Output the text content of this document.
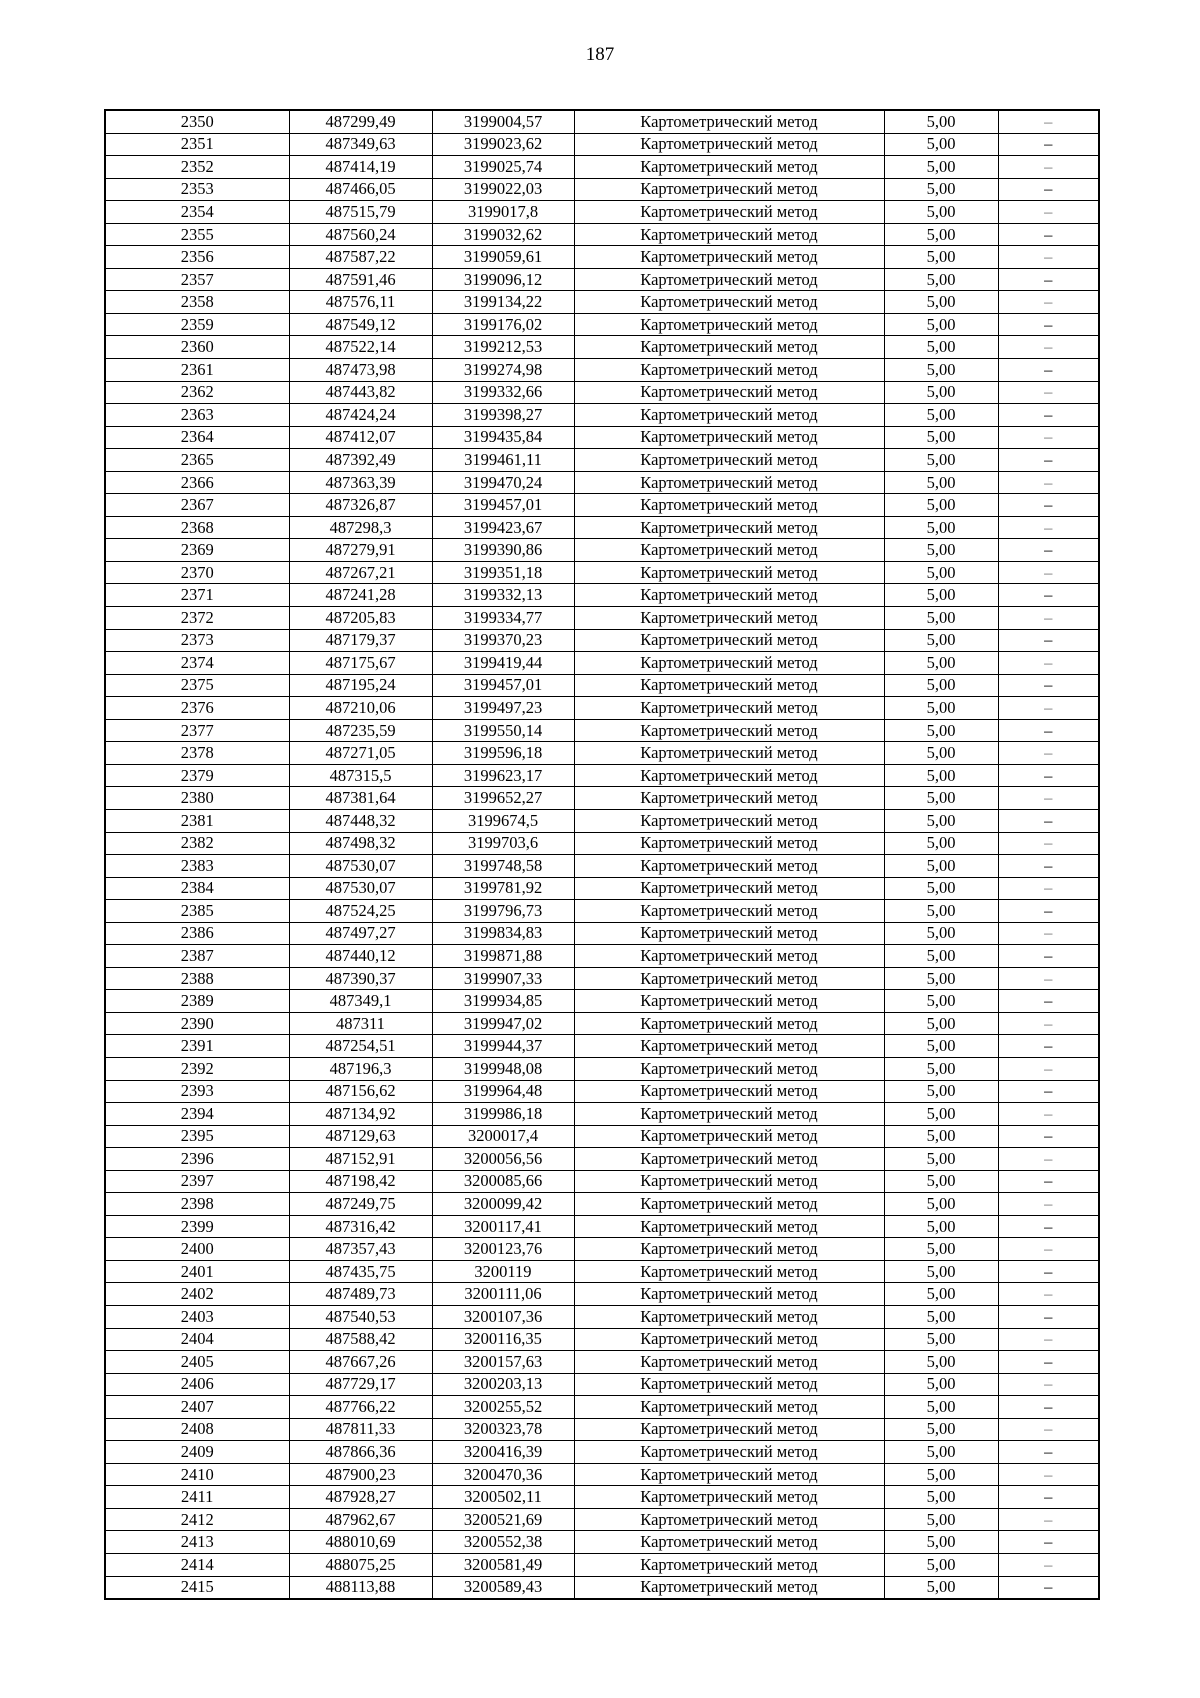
187
2350	487299,49	3199004,57	Картометрический метод	5,00	–
2351	487349,63	3199023,62	Картометрический метод	5,00	–
2352	487414,19	3199025,74	Картометрический метод	5,00	–
2353	487466,05	3199022,03	Картометрический метод	5,00	–
2354	487515,79	3199017,8	Картометрический метод	5,00	–
2355	487560,24	3199032,62	Картометрический метод	5,00	–
2356	487587,22	3199059,61	Картометрический метод	5,00	–
2357	487591,46	3199096,12	Картометрический метод	5,00	–
2358	487576,11	3199134,22	Картометрический метод	5,00	–
2359	487549,12	3199176,02	Картометрический метод	5,00	–
2360	487522,14	3199212,53	Картометрический метод	5,00	–
2361	487473,98	3199274,98	Картометрический метод	5,00	–
2362	487443,82	3199332,66	Картометрический метод	5,00	–
2363	487424,24	3199398,27	Картометрический метод	5,00	–
2364	487412,07	3199435,84	Картометрический метод	5,00	–
2365	487392,49	3199461,11	Картометрический метод	5,00	–
2366	487363,39	3199470,24	Картометрический метод	5,00	–
2367	487326,87	3199457,01	Картометрический метод	5,00	–
2368	487298,3	3199423,67	Картометрический метод	5,00	–
2369	487279,91	3199390,86	Картометрический метод	5,00	–
2370	487267,21	3199351,18	Картометрический метод	5,00	–
2371	487241,28	3199332,13	Картометрический метод	5,00	–
2372	487205,83	3199334,77	Картометрический метод	5,00	–
2373	487179,37	3199370,23	Картометрический метод	5,00	–
2374	487175,67	3199419,44	Картометрический метод	5,00	–
2375	487195,24	3199457,01	Картометрический метод	5,00	–
2376	487210,06	3199497,23	Картометрический метод	5,00	–
2377	487235,59	3199550,14	Картометрический метод	5,00	–
2378	487271,05	3199596,18	Картометрический метод	5,00	–
2379	487315,5	3199623,17	Картометрический метод	5,00	–
2380	487381,64	3199652,27	Картометрический метод	5,00	–
2381	487448,32	3199674,5	Картометрический метод	5,00	–
2382	487498,32	3199703,6	Картометрический метод	5,00	–
2383	487530,07	3199748,58	Картометрический метод	5,00	–
2384	487530,07	3199781,92	Картометрический метод	5,00	–
2385	487524,25	3199796,73	Картометрический метод	5,00	–
2386	487497,27	3199834,83	Картометрический метод	5,00	–
2387	487440,12	3199871,88	Картометрический метод	5,00	–
2388	487390,37	3199907,33	Картометрический метод	5,00	–
2389	487349,1	3199934,85	Картометрический метод	5,00	–
2390	487311	3199947,02	Картометрический метод	5,00	–
2391	487254,51	3199944,37	Картометрический метод	5,00	–
2392	487196,3	3199948,08	Картометрический метод	5,00	–
2393	487156,62	3199964,48	Картометрический метод	5,00	–
2394	487134,92	3199986,18	Картометрический метод	5,00	–
2395	487129,63	3200017,4	Картометрический метод	5,00	–
2396	487152,91	3200056,56	Картометрический метод	5,00	–
2397	487198,42	3200085,66	Картометрический метод	5,00	–
2398	487249,75	3200099,42	Картометрический метод	5,00	–
2399	487316,42	3200117,41	Картометрический метод	5,00	–
2400	487357,43	3200123,76	Картометрический метод	5,00	–
2401	487435,75	3200119	Картометрический метод	5,00	–
2402	487489,73	3200111,06	Картометрический метод	5,00	–
2403	487540,53	3200107,36	Картометрический метод	5,00	–
2404	487588,42	3200116,35	Картометрический метод	5,00	–
2405	487667,26	3200157,63	Картометрический метод	5,00	–
2406	487729,17	3200203,13	Картометрический метод	5,00	–
2407	487766,22	3200255,52	Картометрический метод	5,00	–
2408	487811,33	3200323,78	Картометрический метод	5,00	–
2409	487866,36	3200416,39	Картометрический метод	5,00	–
2410	487900,23	3200470,36	Картометрический метод	5,00	–
2411	487928,27	3200502,11	Картометрический метод	5,00	–
2412	487962,67	3200521,69	Картометрический метод	5,00	–
2413	488010,69	3200552,38	Картометрический метод	5,00	–
2414	488075,25	3200581,49	Картометрический метод	5,00	–
2415	488113,88	3200589,43	Картометрический метод	5,00	–
